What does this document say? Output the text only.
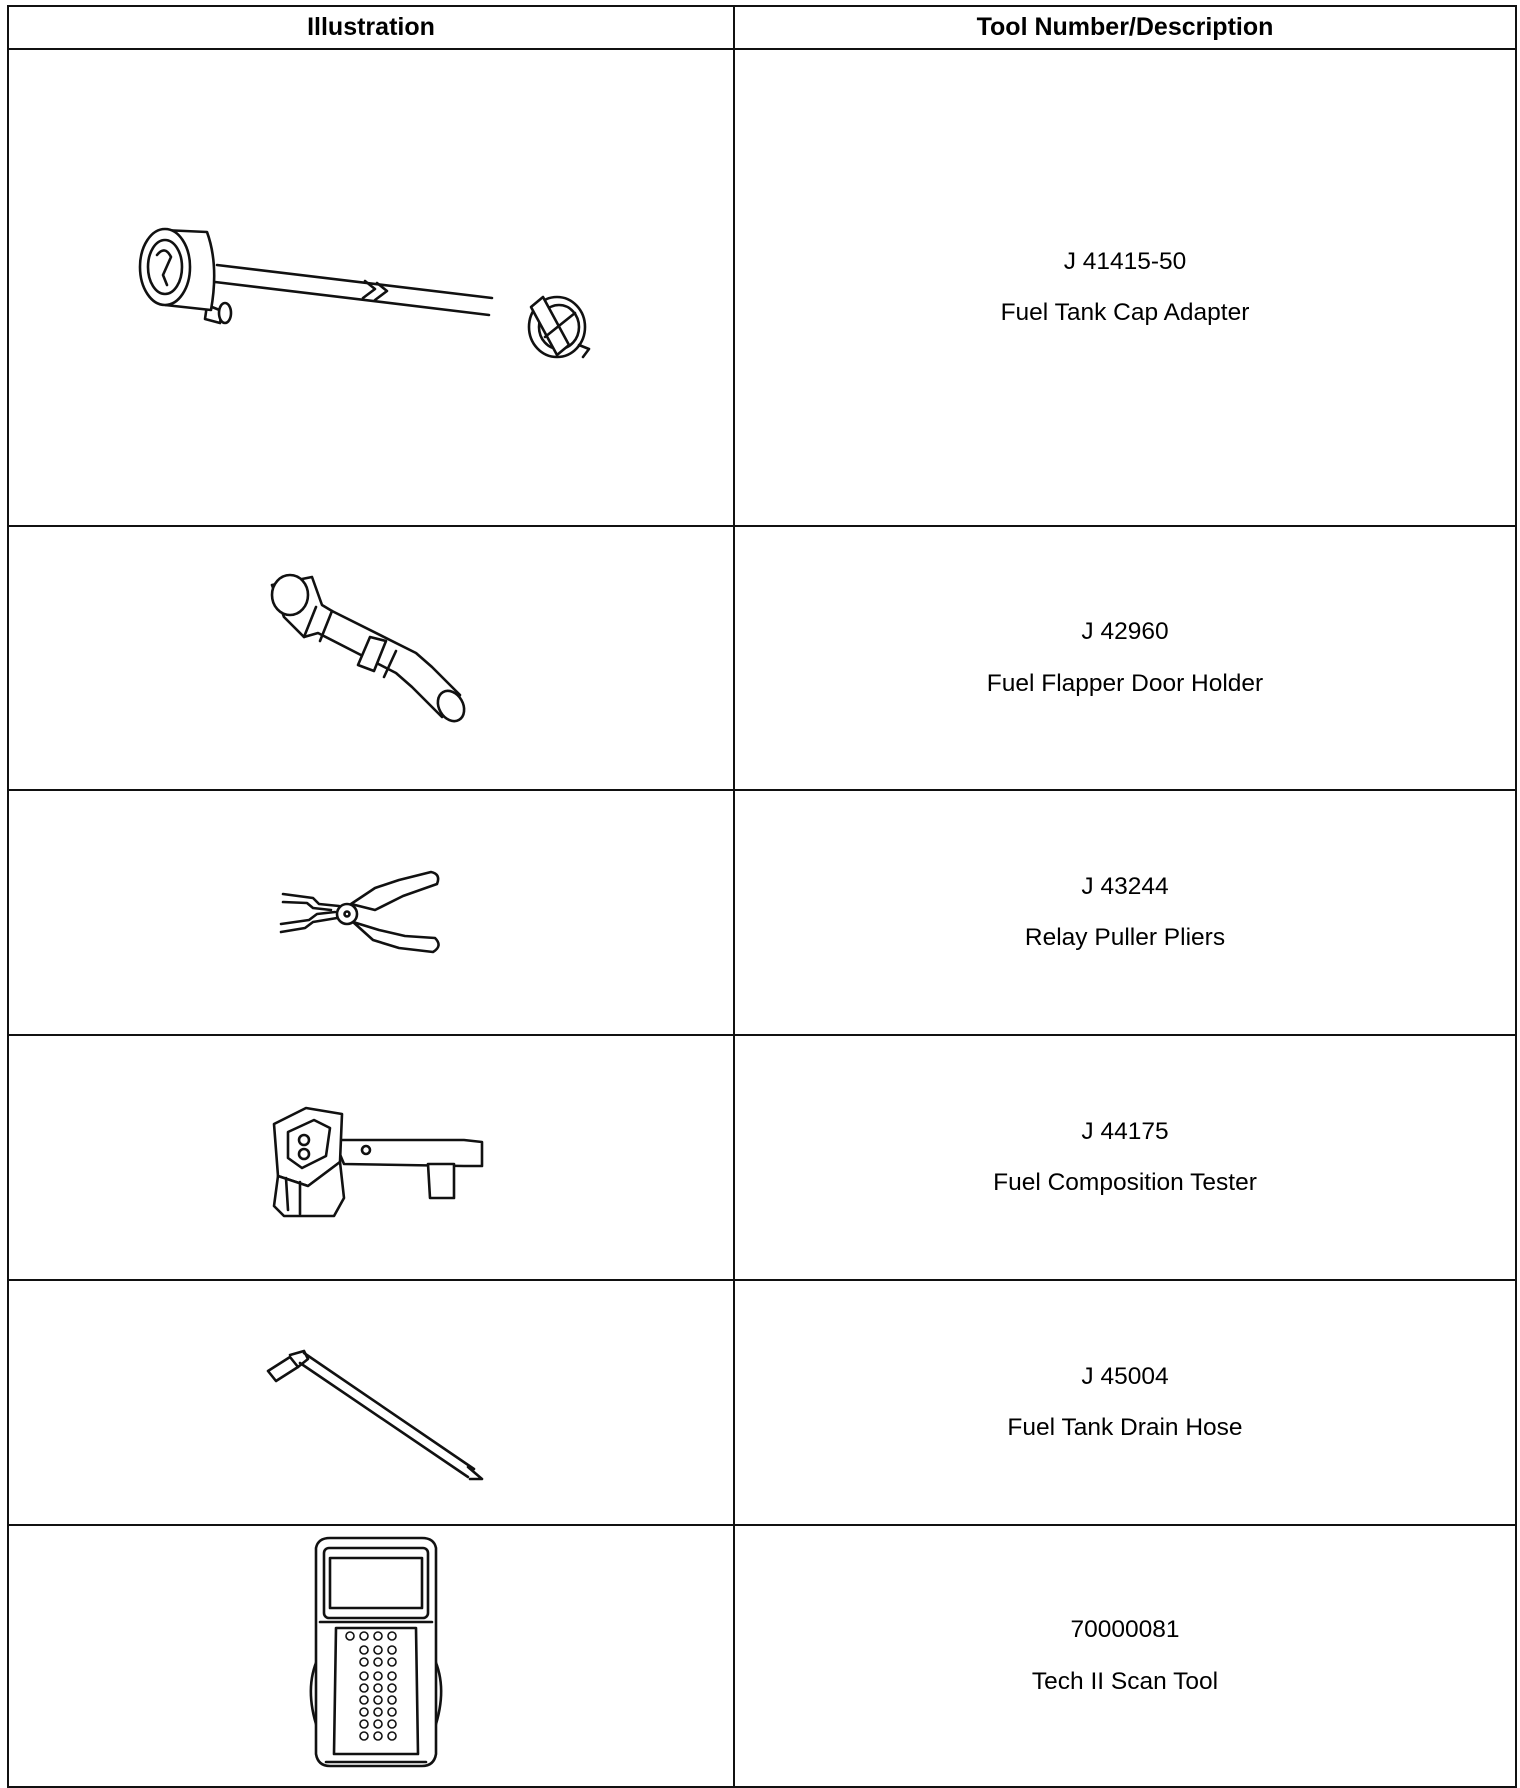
Illustration	Tool Number/Description

J 41415-50
Fuel Tank Cap Adapter

J 42960
Fuel Flapper Door Holder

J 43244
Relay Puller Pliers

J 44175
Fuel Composition Tester

J 45004
Fuel Tank Drain Hose

70000081
Tech II Scan Tool
